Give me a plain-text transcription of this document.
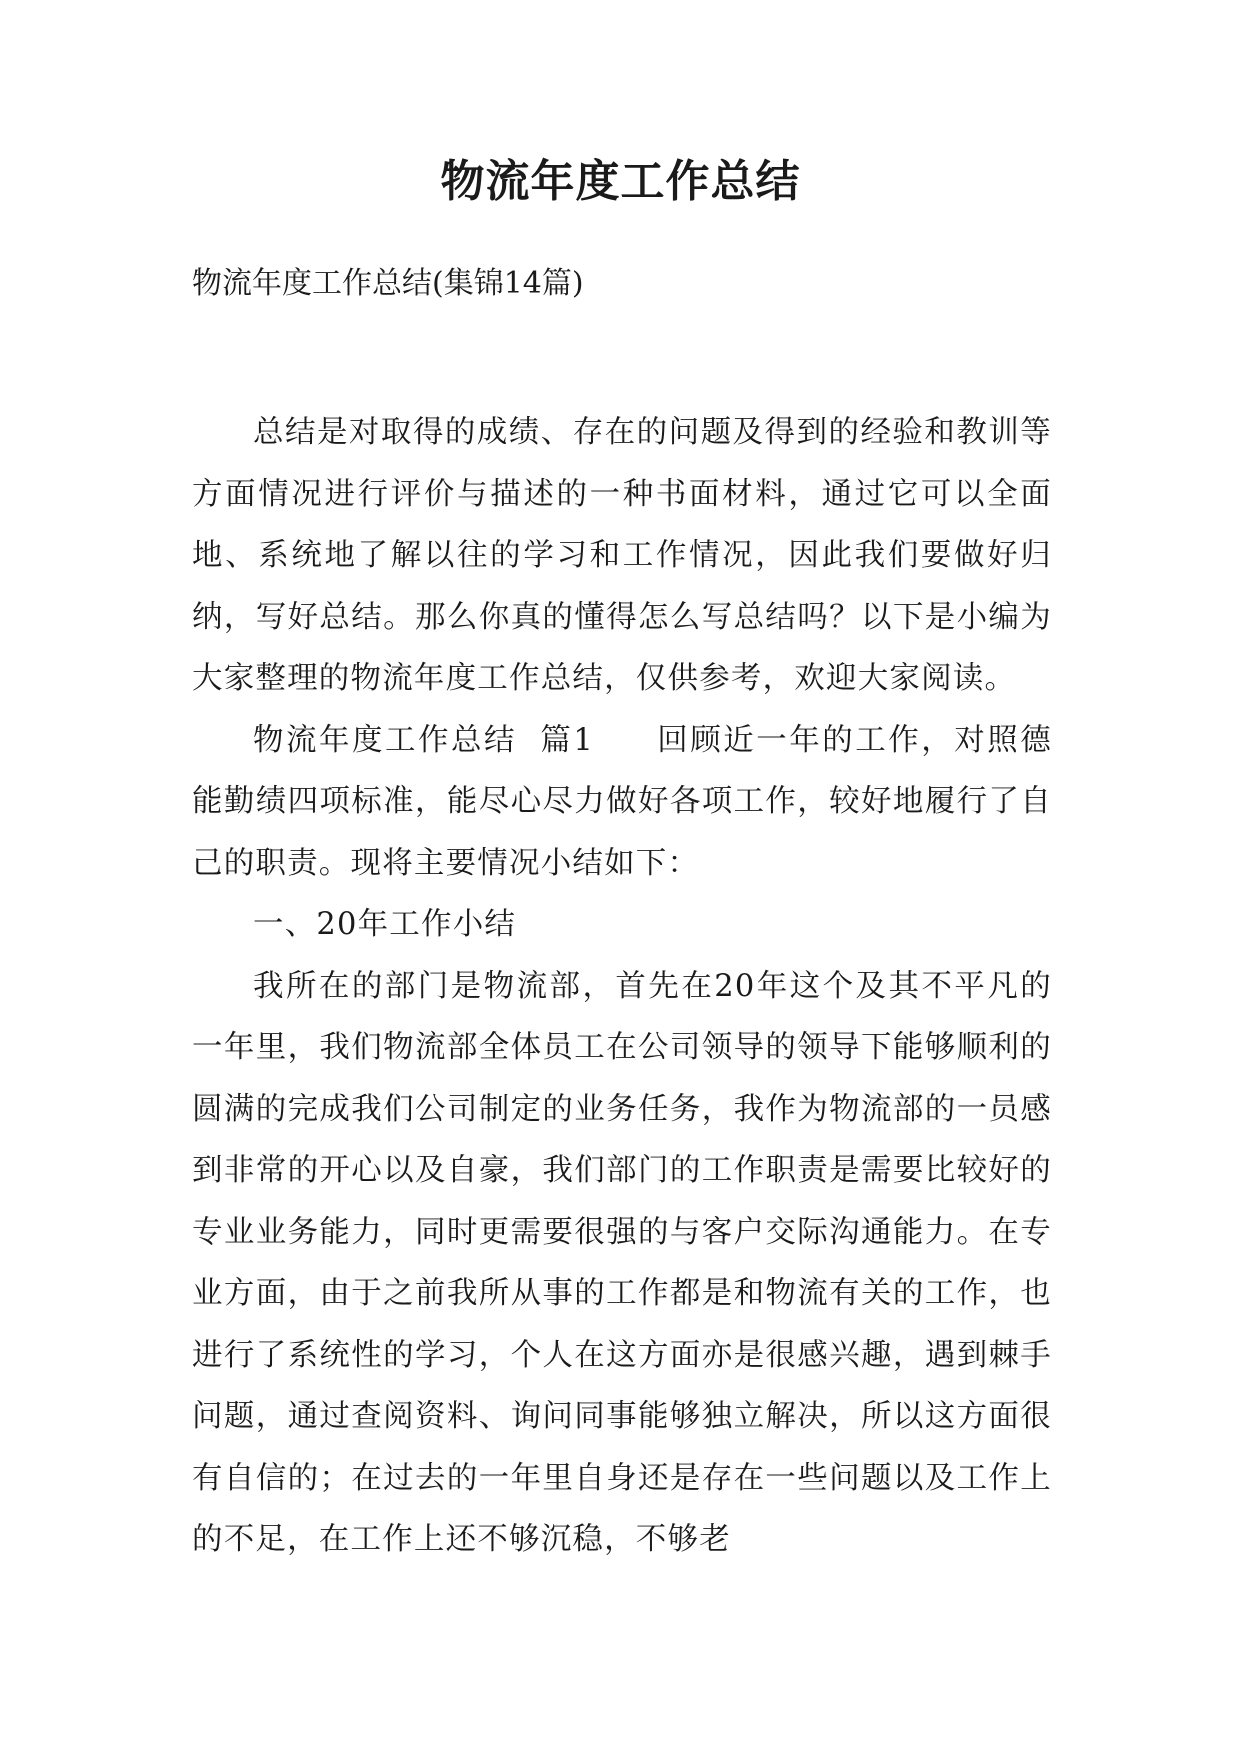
物流年度工作总结

物流年度工作总结(集锦14篇)

总结是对取得的成绩、存在的问题及得到的经验和教训等方面情况进行评价与描述的一种书面材料，通过它可以全面地、系统地了解以往的学习和工作情况，因此我们要做好归纳，写好总结。那么你真的懂得怎么写总结吗？以下是小编为大家整理的物流年度工作总结，仅供参考，欢迎大家阅读。

物流年度工作总结 篇1 回顾近一年的工作，对照德能勤绩四项标准，能尽心尽力做好各项工作，较好地履行了自己的职责。现将主要情况小结如下：

一、20年工作小结

我所在的部门是物流部，首先在20年这个及其不平凡的一年里，我们物流部全体员工在公司领导的领导下能够顺利的圆满的完成我们公司制定的业务任务，我作为物流部的一员感到非常的开心以及自豪，我们部门的工作职责是需要比较好的专业业务能力，同时更需要很强的与客户交际沟通能力。在专业方面，由于之前我所从事的工作都是和物流有关的工作，也进行了系统性的学习，个人在这方面亦是很感兴趣，遇到棘手问题，通过查阅资料、询问同事能够独立解决，所以这方面很有自信的；在过去的一年里自身还是存在一些问题以及工作上的不足，在工作上还不够沉稳，不够老
